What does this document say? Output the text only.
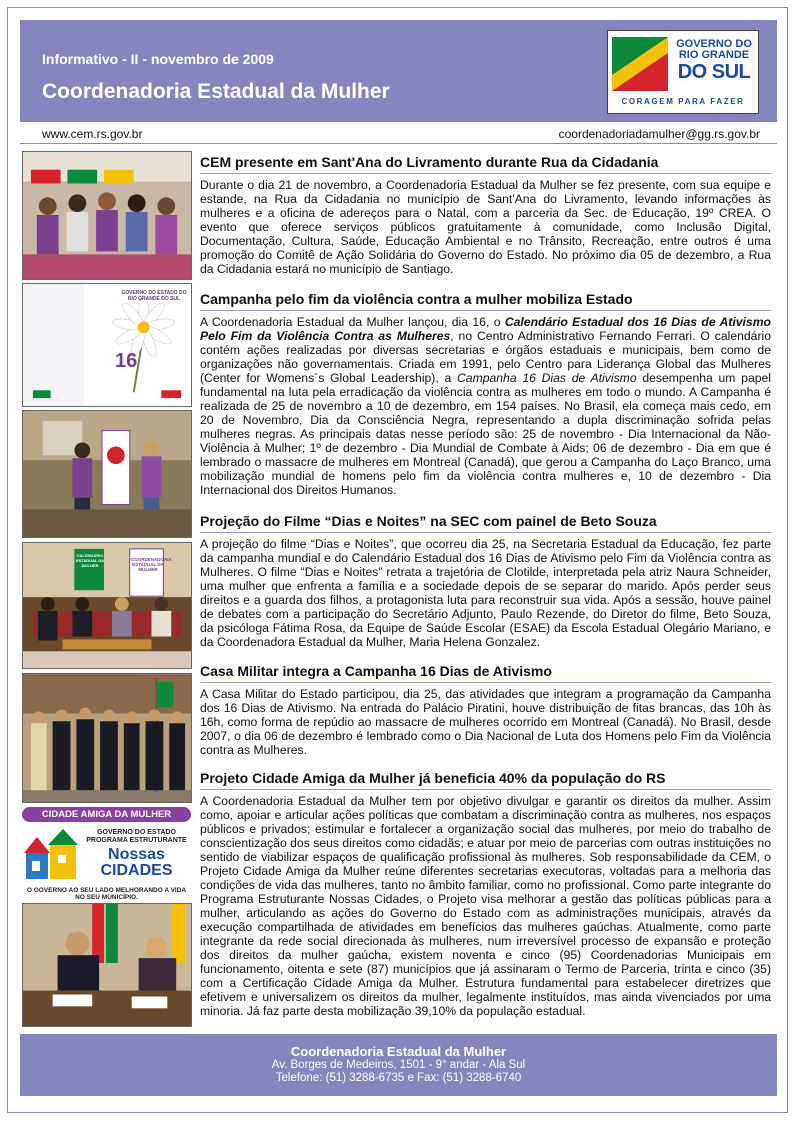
Informativo - II - novembro de 2009
Coordenadoria Estadual da Mulher
GOVERNO DO RIO GRANDE
DO SUL
CORAGEM PARA FAZER
www.cem.rs.gov.br	coordenadoriadamulher@gg.rs.gov.br
GOVERNO DO ESTADO DO RIO GRANDE DO SUL
16
CALENDÁRIO ESTADUAL DA MULHER
COORDENADORIA ESTADUAL DA MULHER
CIDADE AMIGA DA MULHER
GOVERNO DO ESTADO PROGRAMA ESTRUTURANTE
Nossas
CIDADES
O GOVERNO AO SEU LADO MELHORANDO A VIDA NO SEU MUNICÍPIO.
CEM presente em Sant'Ana do Livramento durante Rua da Cidadania

Durante o dia 21 de novembro, a Coordenadoria Estadual da Mulher se fez presente, com sua equipe e estande, na Rua da Cidadania no município de Sant'Ana do Livramento, levando informações às mulheres e a oficina de adereços para o Natal, com a parceria da Sec. de Educação, 19º CREA. O evento que oferece serviços públicos gratuitamente à comunidade, como Inclusão Digital, Documentação, Cultura, Saúde, Educação Ambiental e no Trânsito, Recreação, entre outros é uma promoção do Comitê de Ação Solidária do Governo do Estado. No próximo dia 05 de dezembro, a Rua da Cidadania estará no município de Santiago.

Campanha pelo fim da violência contra a mulher mobiliza Estado

A Coordenadoria Estadual da Mulher lançou, dia 16, o Calendário Estadual dos 16 Dias de Ativismo Pelo Fim da Violência Contra as Mulheres, no Centro Administrativo Fernando Ferrari. O calendário contém ações realizadas por diversas secretarias e órgãos estaduais e municipais, bem como de organizações não governamentais. Criada em 1991, pelo Centro para Liderança Global das Mulheres (Center for Womens´s Global Leadership), a Campanha 16 Dias de Ativismo desempenha um papel fundamental na luta pela erradicação da violência contra as mulheres em todo o mundo. A Campanha é realizada de 25 de novembro a 10 de dezembro, em 154 países. No Brasil, ela começa mais cedo, em 20 de Novembro, Dia da Consciência Negra, representando a dupla discriminação sofrida pelas mulheres negras. As principais datas nesse período são: 25 de novembro - Dia Internacional da Não-Violência à Mulher; 1º de dezembro - Dia Mundial de Combate à Aids; 06 de dezembro - Dia em que é lembrado o massacre de mulheres em Montreal (Canadá), que gerou a Campanha do Laço Branco, uma mobilização mundial de homens pelo fim da violência contra mulheres e, 10 de dezembro - Dia Internacional dos Direitos Humanos.

Projeção do Filme “Dias e Noites” na SEC com painel de Beto Souza

A projeção do filme “Dias e Noites”, que ocorreu dia 25, na Secretaria Estadual da Educação, fez parte da campanha mundial e do Calendário Estadual dos 16 Dias de Ativismo pelo Fim da Violência contra as Mulheres. O filme “Dias e Noites” retrata a trajetória de Clotilde, interpretada pela atriz Naura Schneider, uma mulher que enfrenta a família e a sociedade depois de se separar do marido. Após perder seus direitos e a guarda dos filhos, a protagonista luta para reconstruir sua vida. Após a sessão, houve painel de debates com a participação do Secretário Adjunto, Paulo Rezende, do Diretor do filme, Beto Souza, da psicóloga Fátima Rosa, da Equipe de Saúde Escolar (ESAE) da Escola Estadual Olegário Mariano, e da Coordenadora Estadual da Mulher, Maria Helena Gonzalez.

Casa Militar integra a Campanha 16 Dias de Ativismo

A Casa Militar do Estado participou, dia 25, das atividades que integram a programação da Campanha dos 16 Dias de Ativismo. Na entrada do Palácio Piratini, houve distribuição de fitas brancas, das 10h às 16h, como forma de repúdio ao massacre de mulheres ocorrido em Montreal (Canadá). No Brasil, desde 2007, o dia 06 de dezembro é lembrado como o Dia Nacional de Luta dos Homens pelo Fim da Violência contra as Mulheres.

Projeto Cidade Amiga da Mulher já beneficia 40% da população do RS

A Coordenadoria Estadual da Mulher tem por objetivo divulgar e garantir os direitos da mulher. Assim como, apoiar e articular ações políticas que combatam a discriminação contra as mulheres, nos espaços públicos e privados; estimular e fortalecer a organização social das mulheres, por meio do trabalho de conscientização dos seus direitos como cidadãs; e atuar por meio de parcerias com outras instituições no sentido de viabilizar espaços de qualificação profissional às mulheres. Sob responsabilidade da CEM, o Projeto Cidade Amiga da Mulher reúne diferentes secretarias executoras, voltadas para a melhoria das condições de vida das mulheres, tanto no âmbito familiar, como no profissional. Como parte integrante do Programa Estruturante Nossas Cidades, o Projeto visa melhorar a gestão das políticas públicas para a mulher, articulando as ações do Governo do Estado com as administrações municipais, através da execução compartilhada de atividades em benefícios das mulheres gaúchas. Atualmente, como parte integrante da rede social direcionada às mulheres, num irreversível processo de expansão e proteção dos direitos da mulher gaúcha, existem noventa e cinco (95) Coordenadorias Municipais em funcionamento, oitenta e sete (87) municípios que já assinaram o Termo de Parceria, trinta e cinco (35) com a Certificação Cidade Amiga da Mulher. Estrutura fundamental para estabelecer diretrizes que efetivem e universalizem os direitos da mulher, legalmente instituídos, mas ainda vivenciados por uma minoria. Já faz parte desta mobilização 39,10% da população estadual.

Coordenadoria Estadual da Mulher
Av. Borges de Medeiros, 1501 - 9° andar - Ala Sul
Telefone: (51) 3288-6735 e Fax: (51) 3288-6740
